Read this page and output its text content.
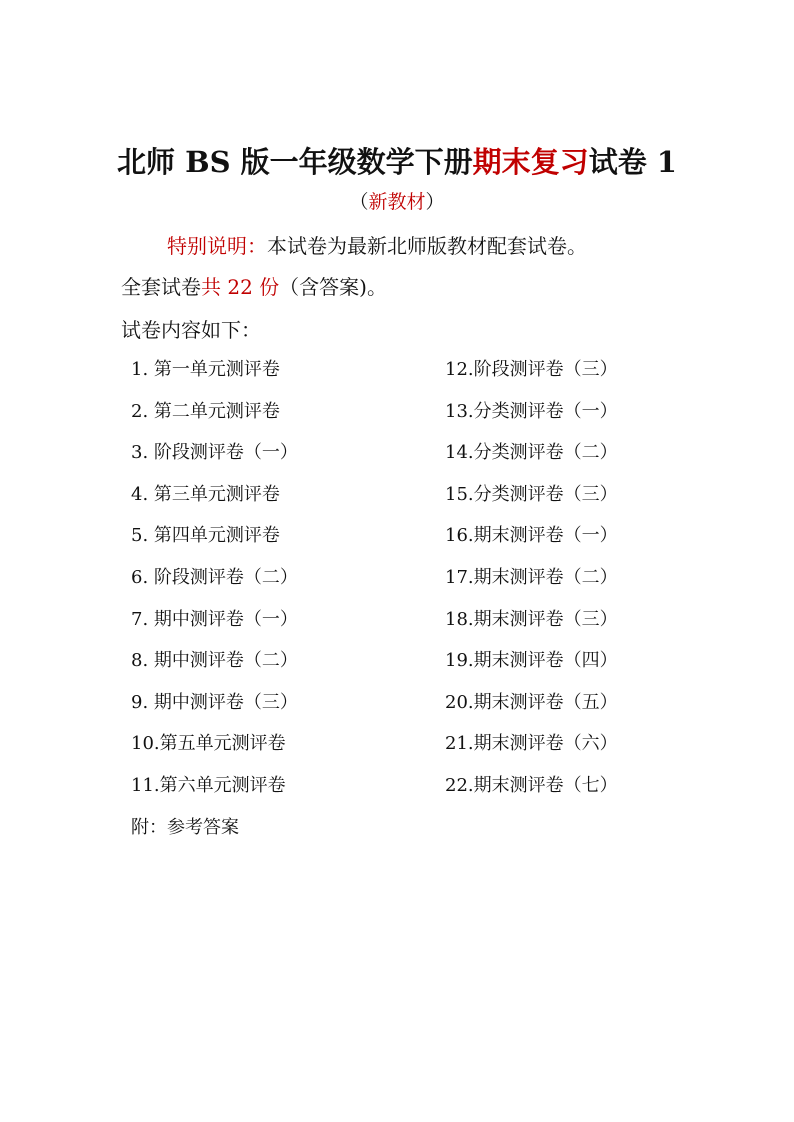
北师 BS 版一年级数学下册期末复习试卷 1
（新教材）
特别说明：本试卷为最新北师版教材配套试卷。
全套试卷共 22 份（含答案)。
试卷内容如下：
1. 第一单元测评卷	12.阶段测评卷（三）
2. 第二单元测评卷	13.分类测评卷（一）
3. 阶段测评卷（一）	14.分类测评卷（二）
4. 第三单元测评卷	15.分类测评卷（三）
5. 第四单元测评卷	16.期末测评卷（一）
6. 阶段测评卷（二）	17.期末测评卷（二）
7. 期中测评卷（一）	18.期末测评卷（三）
8. 期中测评卷（二）	19.期末测评卷（四）
9. 期中测评卷（三）	20.期末测评卷（五）
10.第五单元测评卷	21.期末测评卷（六）
11.第六单元测评卷	22.期末测评卷（七）
附：参考答案
